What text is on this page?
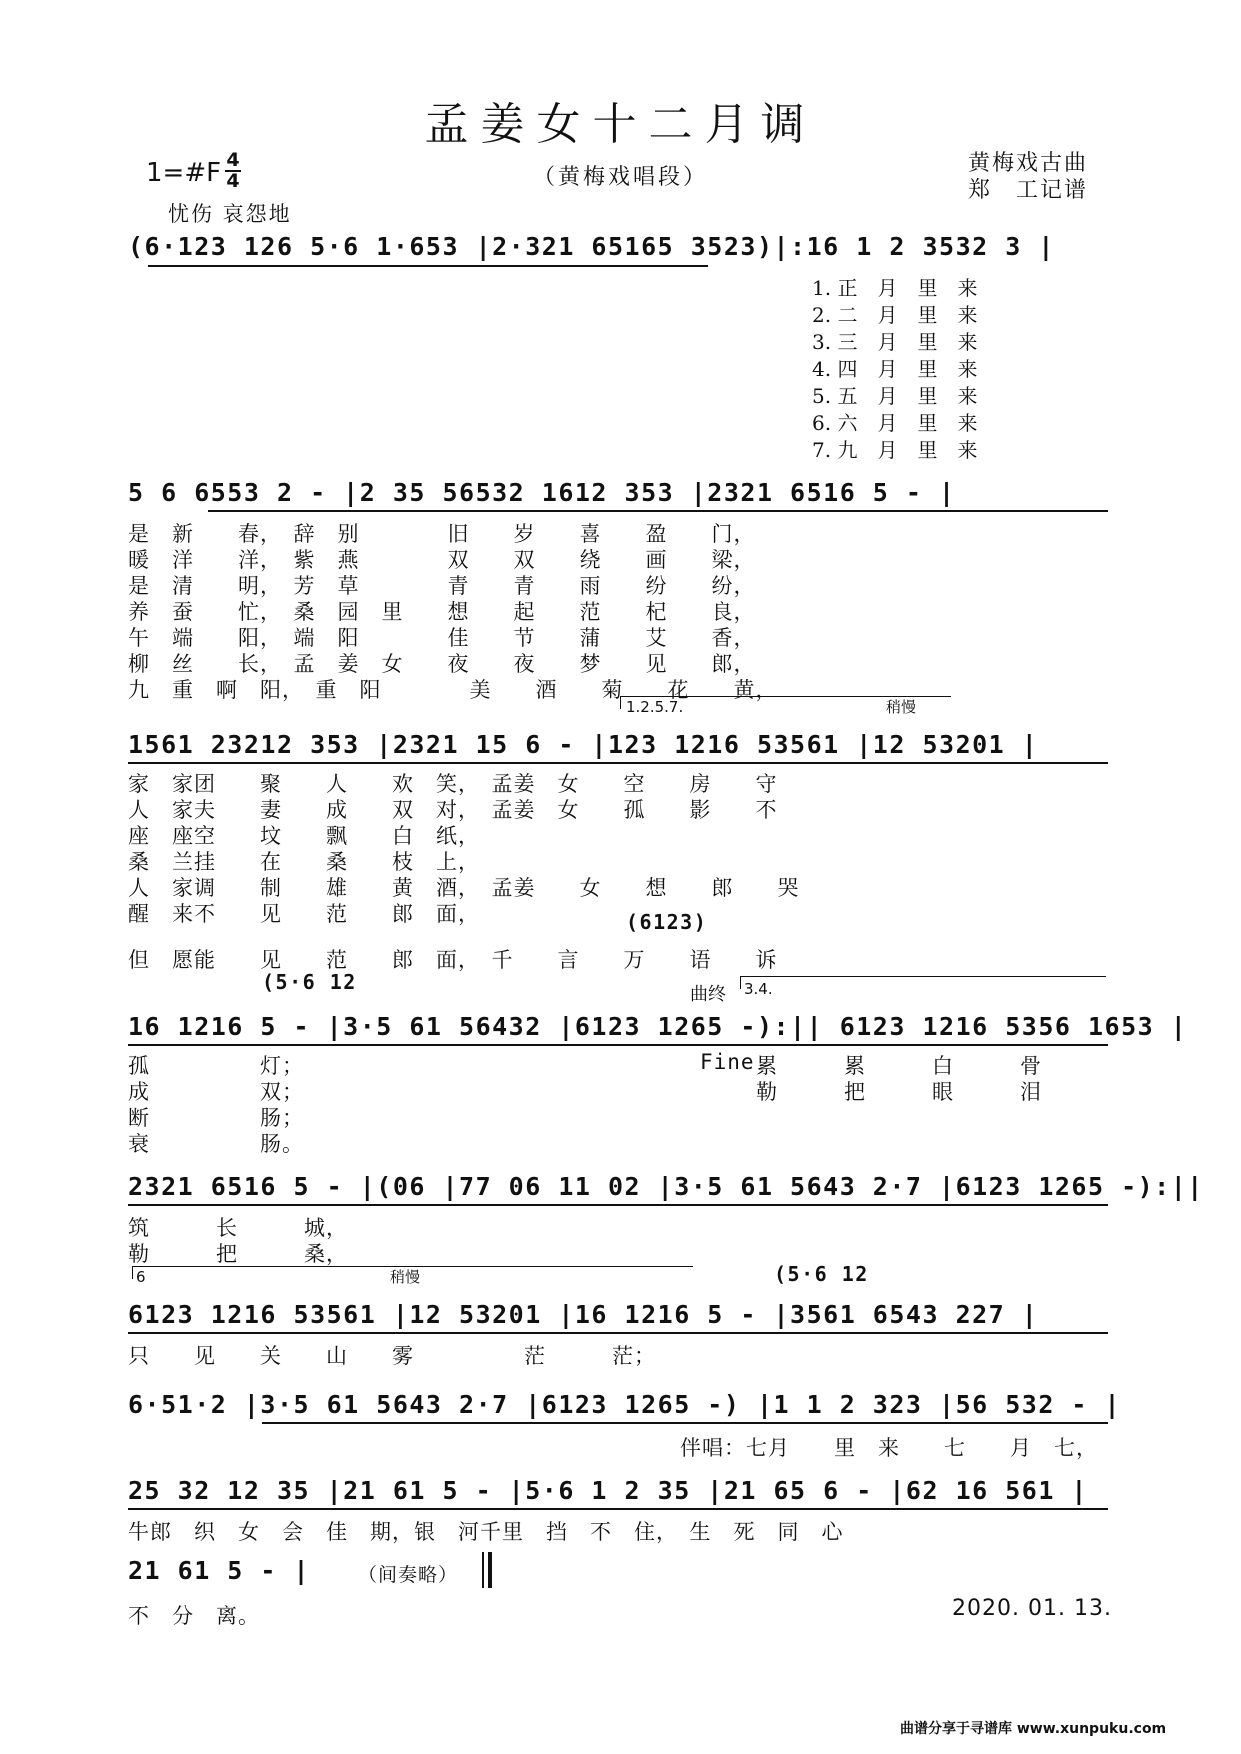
孟姜女十二月调
（黄梅戏唱段）
1=#F 4
4
黄梅戏古曲
郑　工记谱
忧伤 哀怨地
(6·123 126 5·6 1·653 |2·321 65165 3523)|:16 1 2 3532 3 |
1. 正　月　里　来
2. 二　月　里　来
3. 三　月　里　来
4. 四　月　里　来
5. 五　月　里　来
6. 六　月　里　来
7. 九　月　里　来
5 6 6553 2 - |2 35 56532 1612 353 |2321 6516 5 - |
是　新　　春，　辞　别　　　　旧　　岁　　喜　　盈　　门，
暖　洋　　洋，　紫　燕　　　　双　　双　　绕　　画　　梁，
是　清　　明，　芳　草　　　　青　　青　　雨　　纷　　纷，
养　蚕　　忙，　桑　园　里　　想　　起　　范　　杞　　良，
午　端　　阳，　端　阳　　　　佳　　节　　蒲　　艾　　香，
柳　丝　　长，　孟　姜　女　　夜　　夜　　梦　　见　　郎，
九　重　啊　阳，　重　阳　　　　美　　酒　　菊　　花　　黄，
1.2.5.7.	稍慢
1561 23212 353 |2321 15 6 - |123 1216 53561 |12 53201 |
家　家团　　聚　　人　　欢　笑，　孟姜　女　　空　　房　　守
人　家夫　　妻　　成　　双　对，　孟姜　女　　孤　　影　　不
座　座空　　坟　　飘　　白　纸，
桑　兰挂　　在　　桑　　枝　上，
人　家调　　制　　雄　　黄　酒，　孟姜　　女　　想　　郎　　哭
醒　来不　　见　　范　　郎　面，	(6123)
但　愿能　　见　　范　　郎　面，　千　　言　　万　　语　　诉
(5·6 12
曲终 3.4.
16 1216 5 - |3·5 61 56432 |6123 1265 -):|| 6123 1216 5356 1653 |
孤　　　　　灯；
成　　　　　双；
断　　　　　肠；
衰　　　　　肠。
Fine 累　　　累　　　白　　　骨
勒　　　把　　　眼　　　泪
2321 6516 5 - |(06 |77 06 11 02 |3·5 61 5643 2·7 |6123 1265 -):||
筑　　　长　　　城，
勒　　　把　　　桑，
6	稍慢	(5·6 12
6123 1216 53561 |12 53201 |16 1216 5 - |3561 6543 227 |
只　　见　　关　　山　　雾　　　　　茫　　　茫；
6·51·2 |3·5 61 5643 2·7 |6123 1265 -) |1 1 2 323 |56 532 - |
伴唱：七月　　里　来　　七　　月　七，
25 32 12 35 |21 61 5 - |5·6 1 2 35 |21 65 6 - |62 16 561 |
牛郎　织　女　会　佳　期，银　河千里　挡　不　住，　生　死　同　心
21 61 5 - |	（间奏略）
不　分　离。	2020. 01. 13.
曲谱分享于寻谱库 www.xunpuku.com
